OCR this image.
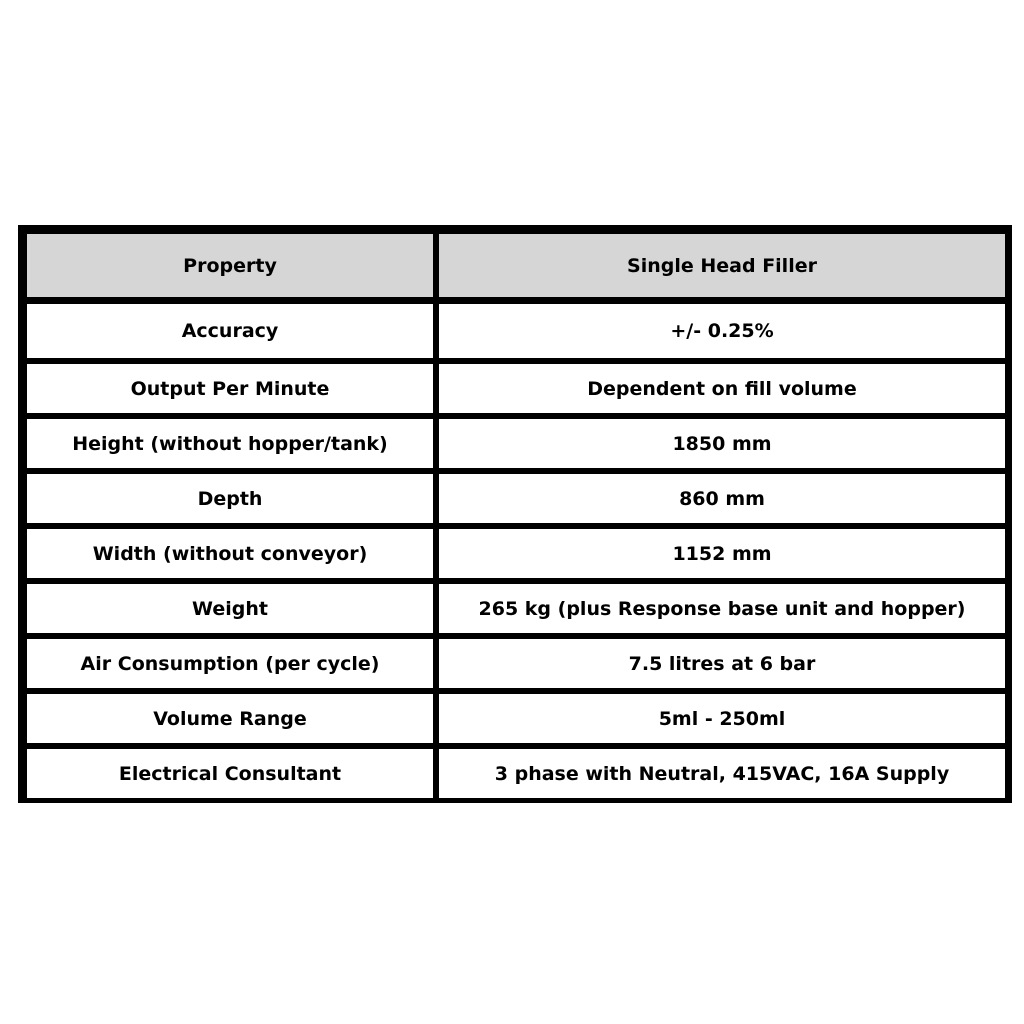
Property	Single Head Filler
Accuracy	+/- 0.25%
Output Per Minute	Dependent on fill volume
Height (without hopper/tank)	1850 mm
Depth	860 mm
Width (without conveyor)	1152 mm
Weight	265 kg (plus Response base unit and hopper)
Air Consumption (per cycle)	7.5 litres at 6 bar
Volume Range	5ml - 250ml
Electrical Consultant	3 phase with Neutral, 415VAC, 16A Supply
